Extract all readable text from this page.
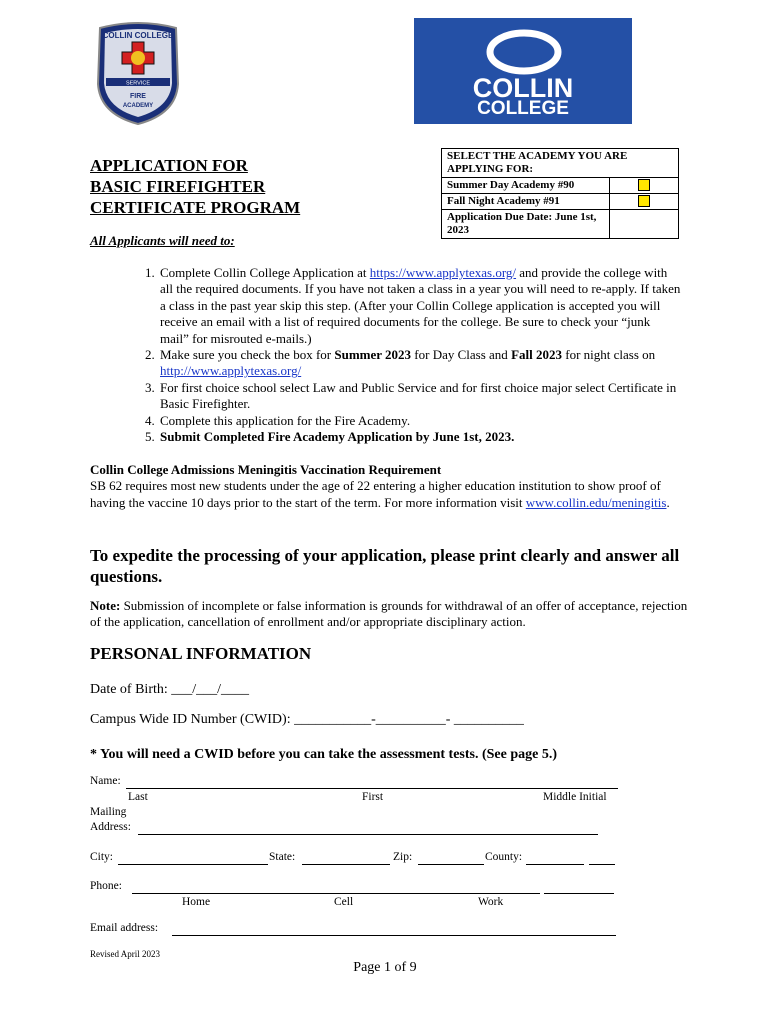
COLLIN COLLEGE
SERVICE
FIRE
ACADEMY
COLLIN
COLLEGE
APPLICATION FOR
BASIC FIREFIGHTER
CERTIFICATE PROGRAM
All Applicants will need to:
SELECT THE ACADEMY YOU ARE APPLYING FOR:	
Summer Day Academy #90	
Fall Night Academy #91	
Application Due Date: June 1st, 2023	
1. Complete Collin College Application at https://www.applytexas.org/ and provide the college with all the required documents. If you have not taken a class in a year you will need to re-apply. If taken a class in the past year skip this step. (After your Collin College application is accepted you will receive an email with a list of required documents for the college. Be sure to check your “junk mail” for misrouted e-mails.)
2. Make sure you check the box for Summer 2023 for Day Class and Fall 2023 for night class on http://www.applytexas.org/
3. For first choice school select Law and Public Service and for first choice major select Certificate in Basic Firefighter.
4. Complete this application for the Fire Academy.
5. Submit Completed Fire Academy Application by June 1st, 2023.
Collin College Admissions Meningitis Vaccination Requirement
SB 62 requires most new students under the age of 22 entering a higher education institution to show proof of having the vaccine 10 days prior to the start of the term. For more information visit www.collin.edu/meningitis.
To expedite the processing of your application, please print clearly and answer all questions.
Note: Submission of incomplete or false information is grounds for withdrawal of an offer of acceptance, rejection of the application, cancellation of enrollment and/or appropriate disciplinary action.
PERSONAL INFORMATION
Date of Birth: ___/___/____
Campus Wide ID Number (CWID): ___________-__________- __________
* You will need a CWID before you can take the assessment tests. (See page 5.)
Name:
Last	First	Middle Initial
Mailing
Address:
City:	State:	Zip:	County:
Phone:
Home	Cell	Work
Email address:
Revised April 2023
Page 1 of 9
